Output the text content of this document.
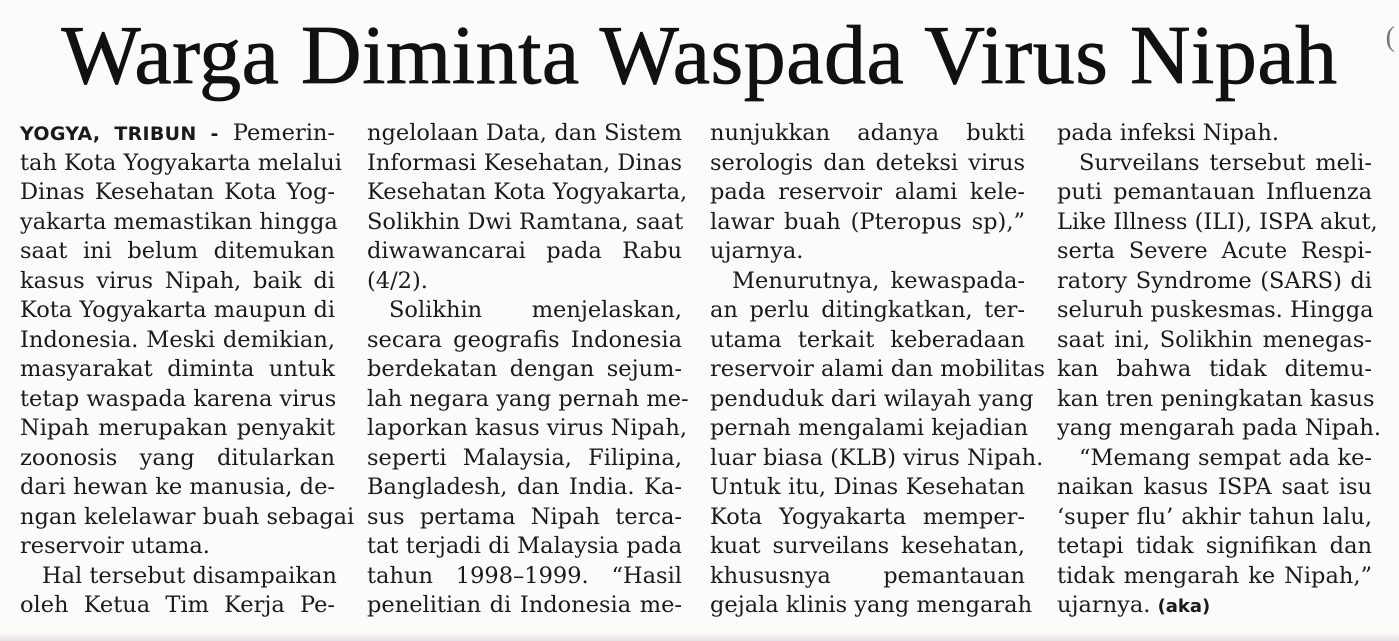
Warga Diminta Waspada Virus Nipah	(
YOGYA, TRIBUN - Pemerin-
tah Kota Yogyakarta melalui
Dinas Kesehatan Kota Yog-
yakarta memastikan hingga
saat ini belum ditemukan
kasus virus Nipah, baik di
Kota Yogyakarta maupun di
Indonesia. Meski demikian,
masyarakat diminta untuk
tetap waspada karena virus
Nipah merupakan penyakit
zoonosis yang ditularkan
dari hewan ke manusia, de-
ngan kelelawar buah sebagai
reservoir utama.
Hal tersebut disampaikan
oleh Ketua Tim Kerja Pe-
ngelolaan Data, dan Sistem
Informasi Kesehatan, Dinas
Kesehatan Kota Yogyakarta,
Solikhin Dwi Ramtana, saat
diwawancarai pada Rabu
(4/2).
Solikhin menjelaskan,
secara geografis Indonesia
berdekatan dengan sejum-
lah negara yang pernah me-
laporkan kasus virus Nipah,
seperti Malaysia, Filipina,
Bangladesh, dan India. Ka-
sus pertama Nipah terca-
tat terjadi di Malaysia pada
tahun 1998–1999. “Hasil
penelitian di Indonesia me-
nunjukkan adanya bukti
serologis dan deteksi virus
pada reservoir alami kele-
lawar buah (Pteropus sp),”
ujarnya.
Menurutnya, kewaspada-
an perlu ditingkatkan, ter-
utama terkait keberadaan
reservoir alami dan mobilitas
penduduk dari wilayah yang
pernah mengalami kejadian
luar biasa (KLB) virus Nipah.
Untuk itu, Dinas Kesehatan
Kota Yogyakarta memper-
kuat surveilans kesehatan,
khususnya pemantauan
gejala klinis yang mengarah
pada infeksi Nipah.
Surveilans tersebut meli-
puti pemantauan Influenza
Like Illness (ILI), ISPA akut,
serta Severe Acute Respi-
ratory Syndrome (SARS) di
seluruh puskesmas. Hingga
saat ini, Solikhin menegas-
kan bahwa tidak ditemu-
kan tren peningkatan kasus
yang mengarah pada Nipah.
“Memang sempat ada ke-
naikan kasus ISPA saat isu
‘super flu’ akhir tahun lalu,
tetapi tidak signifikan dan
tidak mengarah ke Nipah,”
ujarnya. (aka)
